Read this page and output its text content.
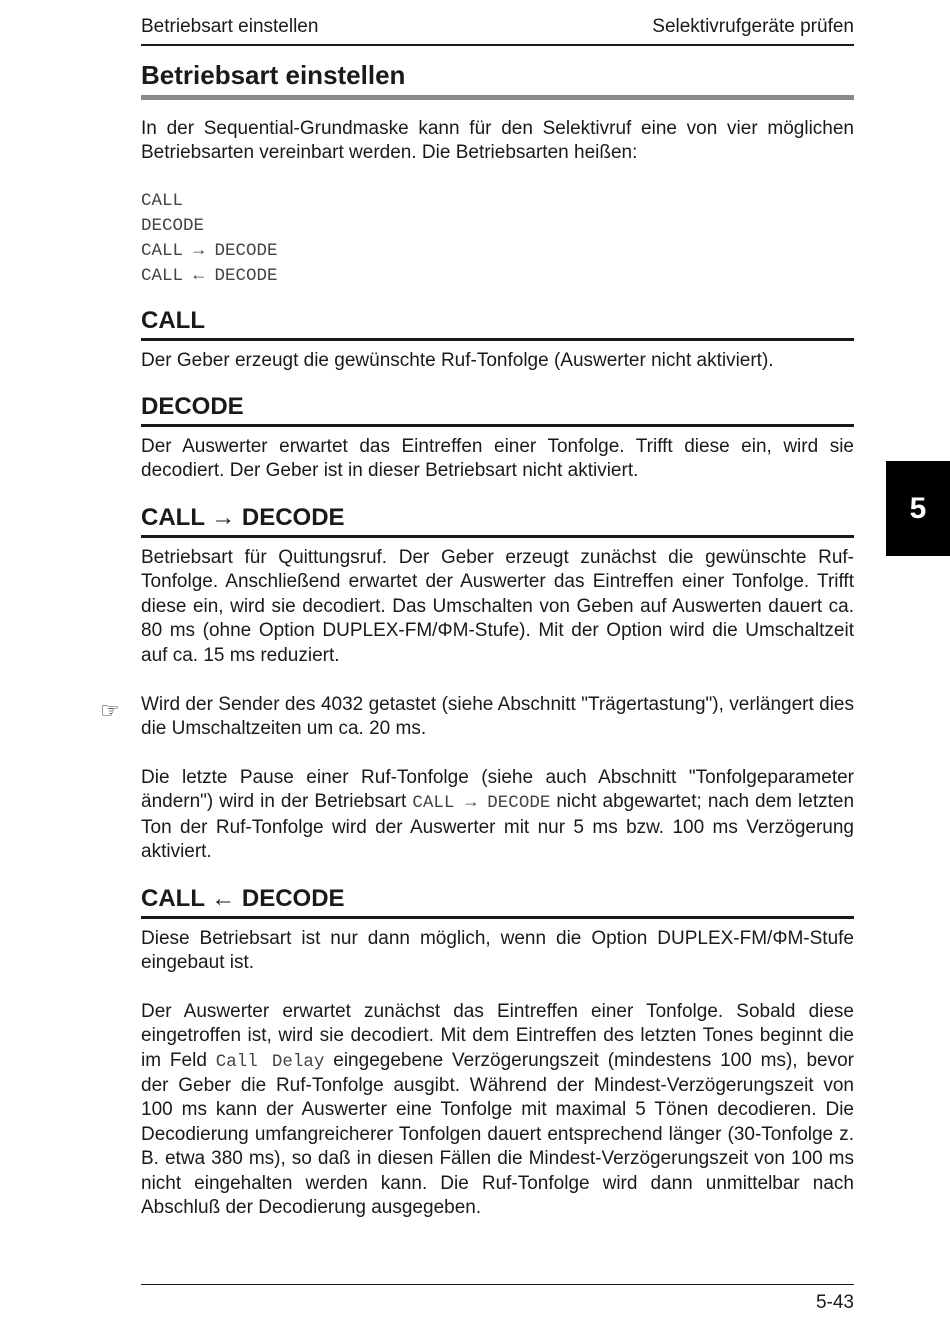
Betriebsart einstellen	Selektivrufgeräte prüfen
Betriebsart einstellen

In der Sequential-Grundmaske kann für den Selektivruf eine von vier möglichen Betriebsarten vereinbart werden. Die Betriebsarten heißen:

CALL
DECODE
CALL → DECODE
CALL ← DECODE
CALL

Der Geber erzeugt die gewünschte Ruf-Tonfolge (Auswerter nicht aktiviert).

DECODE

Der Auswerter erwartet das Eintreffen einer Tonfolge. Trifft diese ein, wird sie decodiert. Der Geber ist in dieser Betriebsart nicht aktiviert.

CALL → DECODE

Betriebsart für Quittungsruf. Der Geber erzeugt zunächst die gewünschte Ruf-Tonfolge. Anschließend erwartet der Auswerter das Eintreffen einer Tonfolge. Trifft diese ein, wird sie decodiert. Das Umschalten von Geben auf Auswerten dauert ca. 80 ms (ohne Option DUPLEX-FM/ΦM-Stufe). Mit der Option wird die Umschaltzeit auf ca. 15 ms reduziert.

☞ Wird der Sender des 4032 getastet (siehe Abschnitt "Trägertastung"), verlängert dies die Umschaltzeiten um ca. 20 ms.

Die letzte Pause einer Ruf-Tonfolge (siehe auch Abschnitt "Tonfolgeparameter ändern") wird in der Betriebsart CALL → DECODE nicht abgewartet; nach dem letzten Ton der Ruf-Tonfolge wird der Auswerter mit nur 5 ms bzw. 100 ms Verzögerung aktiviert.

CALL ← DECODE

Diese Betriebsart ist nur dann möglich, wenn die Option DUPLEX-FM/ΦM-Stufe eingebaut ist.

Der Auswerter erwartet zunächst das Eintreffen einer Tonfolge. Sobald diese eingetroffen ist, wird sie decodiert. Mit dem Eintreffen des letzten Tones beginnt die im Feld Call Delay eingegebene Verzögerungszeit (mindestens 100 ms), bevor der Geber die Ruf-Tonfolge ausgibt. Während der Mindest-Verzögerungszeit von 100 ms kann der Auswerter eine Tonfolge mit maximal 5 Tönen decodieren. Die Decodierung umfangreicherer Tonfolgen dauert entsprechend länger (30-Tonfolge z. B. etwa 380 ms), so daß in diesen Fällen die Mindest-Verzögerungszeit von 100 ms nicht eingehalten werden kann. Die Ruf-Tonfolge wird dann unmittelbar nach Abschluß der Decodierung ausgegeben.

5
5-43
